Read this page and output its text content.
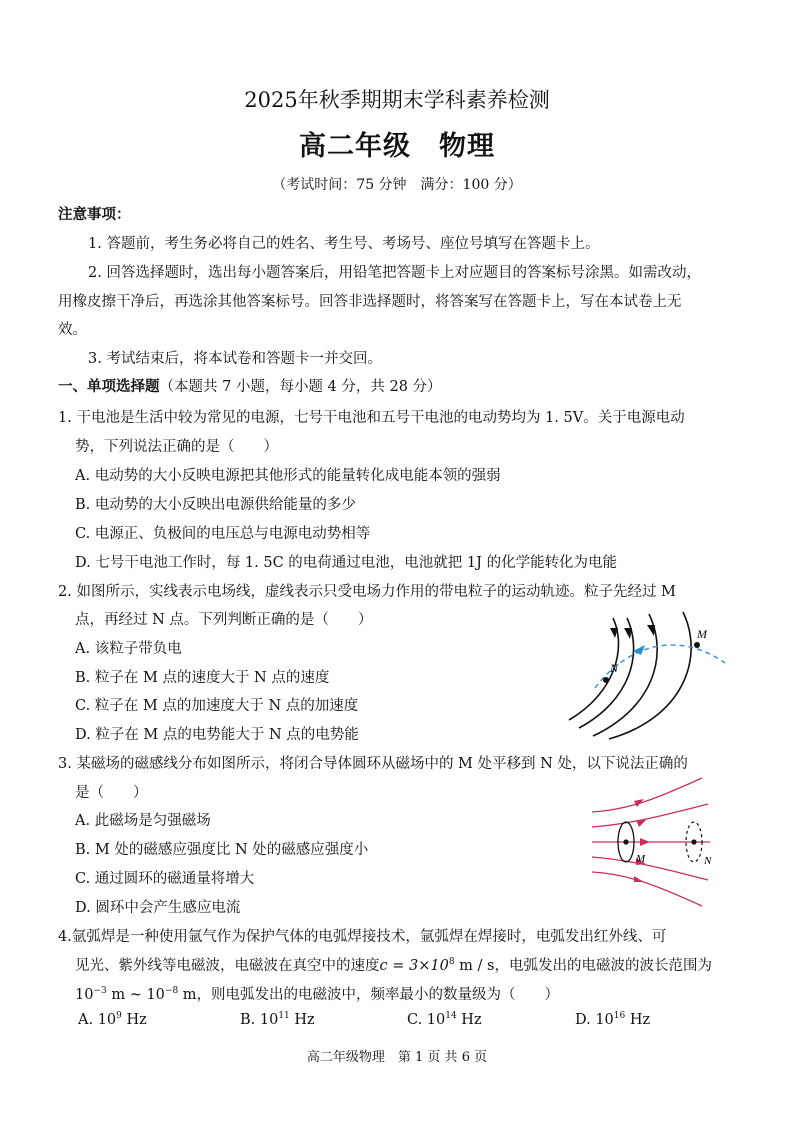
2025年秋季期期末学科素养检测
高二年级　物理
（考试时间：75 分钟　满分：100 分）
注意事项：
1. 答题前，考生务必将自己的姓名、考生号、考场号、座位号填写在答题卡上。
2. 回答选择题时，选出每小题答案后，用铅笔把答题卡上对应题目的答案标号涂黑。如需改动，
用橡皮擦干净后，再选涂其他答案标号。回答非选择题时，将答案写在答题卡上，写在本试卷上无
效。
3. 考试结束后，将本试卷和答题卡一并交回。
一、单项选择题（本题共 7 小题，每小题 4 分，共 28 分）
1. 干电池是生活中较为常见的电源，七号干电池和五号干电池的电动势均为 1. 5V。关于电源电动
势，下列说法正确的是（　　）
A. 电动势的大小反映电源把其他形式的能量转化成电能本领的强弱
B. 电动势的大小反映出电源供给能量的多少
C. 电源正、负极间的电压总与电源电动势相等
D. 七号干电池工作时，每 1. 5C 的电荷通过电池，电池就把 1J 的化学能转化为电能
2. 如图所示，实线表示电场线，虚线表示只受电场力作用的带电粒子的运动轨迹。粒子先经过 M
点，再经过 N 点。下列判断正确的是（　　）
A. 该粒子带负电
B. 粒子在 M 点的速度大于 N 点的速度
C. 粒子在 M 点的加速度大于 N 点的加速度
D. 粒子在 M 点的电势能大于 N 点的电势能
M
N
3. 某磁场的磁感线分布如图所示，将闭合导体圆环从磁场中的 M 处平移到 N 处，以下说法正确的
是（　　）
A. 此磁场是匀强磁场
B. M 处的磁感应强度比 N 处的磁感应强度小
C. 通过圆环的磁通量将增大
D. 圆环中会产生感应电流
M	N
4.氩弧焊是一种使用氩气作为保护气体的电弧焊接技术，氩弧焊在焊接时，电弧发出红外线、可
见光、紫外线等电磁波，电磁波在真空中的速度$c = 3\times 10^8$ m / s，电弧发出的电磁波的波长范围为
$10^{-3}$ m ~ $10^{-8}$ m，则电弧发出的电磁波中，频率最小的数量级为（　　）
A. $10^9$ Hz	B. $10^{11}$ Hz	C. $10^{14}$ Hz	D. $10^{16}$ Hz
高二年级物理　第 1 页 共 6 页
